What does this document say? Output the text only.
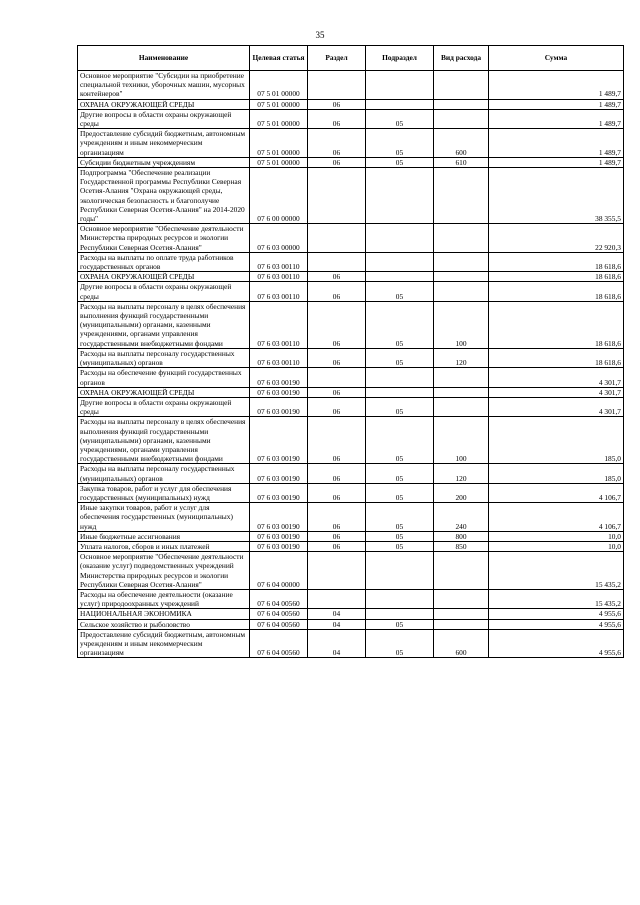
35
Наименование	Целевая статья	Раздел	Подраздел	Вид расхода	Сумма
Основное мероприятие "Субсидии на приобретение специальной техники, уборочных машин, мусорных контейнеров"	07 5 01 00000				1 489,7
ОХРАНА ОКРУЖАЮЩЕЙ СРЕДЫ	07 5 01 00000	06			1 489,7
Другие вопросы в области охраны окружающей среды	07 5 01 00000	06	05		1 489,7
Предоставление субсидий бюджетным, автономным учреждениям и иным некоммерческим организациям	07 5 01 00000	06	05	600	1 489,7
Субсидии бюджетным учреждениям	07 5 01 00000	06	05	610	1 489,7
Подпрограмма "Обеспечение реализации Государственной программы Республики Северная Осетия-Алания "Охрана окружающей среды, экологическая безопасность и благополучие Республики Северная Осетия-Алания" на 2014-2020 годы"	07 6 00 00000				38 355,5
Основное мероприятие "Обеспечение деятельности Министерства природных ресурсов и экологии Республики Северная Осетия-Алания"	07 6 03 00000				22 920,3
Расходы на выплаты по оплате труда работников государственных органов	07 6 03 00110				18 618,6
ОХРАНА ОКРУЖАЮЩЕЙ СРЕДЫ	07 6 03 00110	06			18 618,6
Другие вопросы в области охраны окружающей среды	07 6 03 00110	06	05		18 618,6
Расходы на выплаты персоналу в целях обеспечения выполнения функций государственными (муниципальными) органами, казенными учреждениями, органами управления государственными внебюджетными фондами	07 6 03 00110	06	05	100	18 618,6
Расходы на выплаты персоналу государственных (муниципальных) органов	07 6 03 00110	06	05	120	18 618,6
Расходы на обеспечение функций государственных органов	07 6 03 00190				4 301,7
ОХРАНА ОКРУЖАЮЩЕЙ СРЕДЫ	07 6 03 00190	06			4 301,7
Другие вопросы в области охраны окружающей среды	07 6 03 00190	06	05		4 301,7
Расходы на выплаты персоналу в целях обеспечения выполнения функций государственными (муниципальными) органами, казенными учреждениями, органами управления государственными внебюджетными фондами	07 6 03 00190	06	05	100	185,0
Расходы на выплаты персоналу государственных (муниципальных) органов	07 6 03 00190	06	05	120	185,0
Закупка товаров, работ и услуг для обеспечения государственных (муниципальных) нужд	07 6 03 00190	06	05	200	4 106,7
Иные закупки товаров, работ и услуг для обеспечения государственных (муниципальных) нужд	07 6 03 00190	06	05	240	4 106,7
Иные бюджетные ассигнования	07 6 03 00190	06	05	800	10,0
Уплата налогов, сборов и иных платежей	07 6 03 00190	06	05	850	10,0
Основное мероприятие "Обеспечение деятельности (оказание услуг) подведомственных учреждений Министерства природных ресурсов и экологии Республики Северная Осетия-Алания"	07 6 04 00000				15 435,2
Расходы на обеспечение деятельности (оказание услуг) природоохранных учреждений	07 6 04 00560				15 435,2
НАЦИОНАЛЬНАЯ ЭКОНОМИКА	07 6 04 00560	04			4 955,6
Сельское хозяйство и рыболовство	07 6 04 00560	04	05		4 955,6
Предоставление субсидий бюджетным, автономным учреждениям и иным некоммерческим организациям	07 6 04 00560	04	05	600	4 955,6
